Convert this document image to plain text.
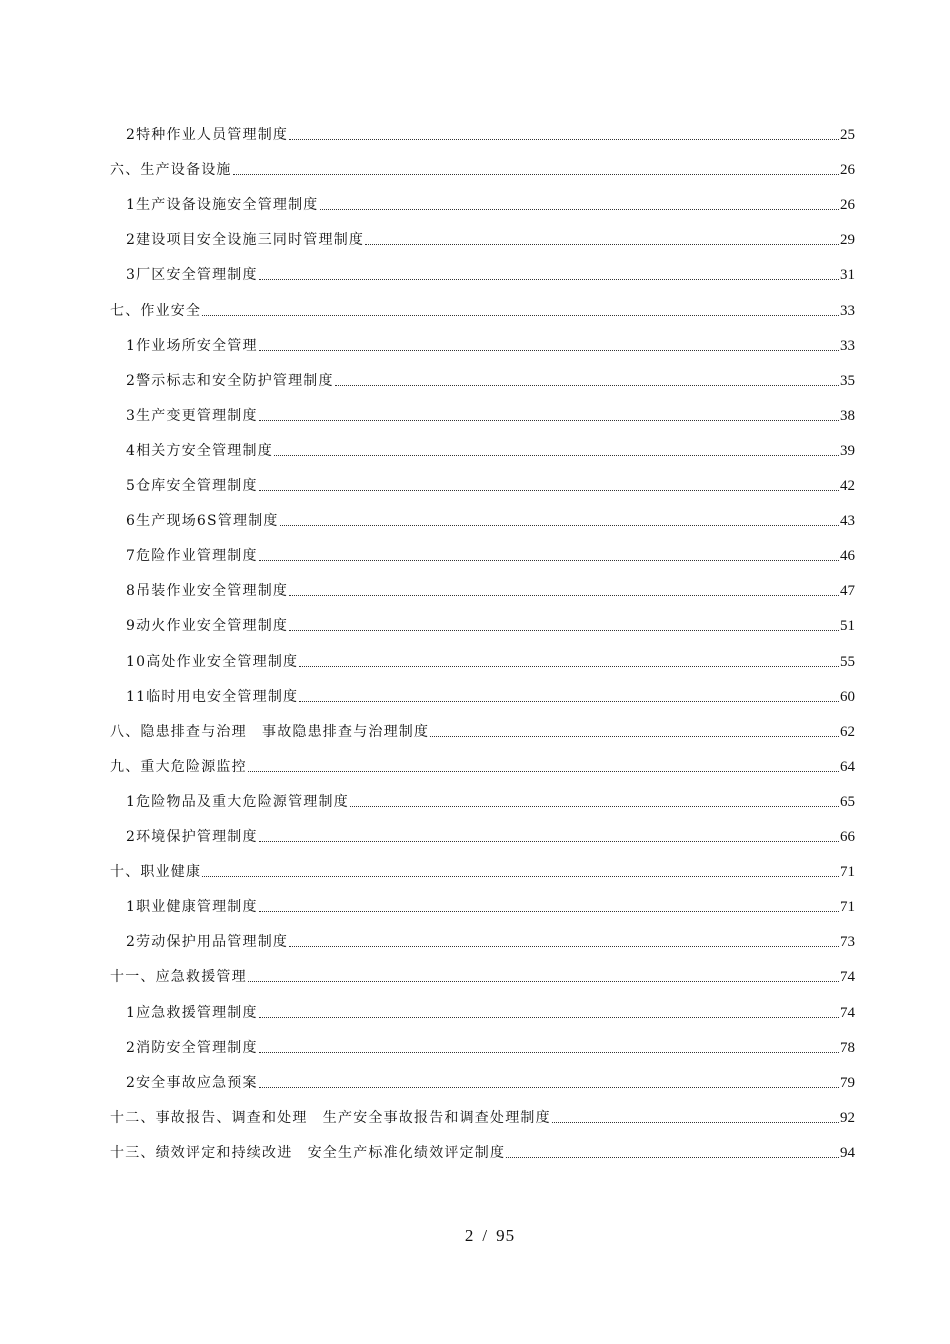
2特种作业人员管理制度	25
六、生产设备设施	26
1生产设备设施安全管理制度	26
2建设项目安全设施三同时管理制度	29
3厂区安全管理制度	31
七、作业安全	33
1作业场所安全管理	33
2警示标志和安全防护管理制度	35
3生产变更管理制度	38
4相关方安全管理制度	39
5仓库安全管理制度	42
6生产现场6S管理制度	43
7危险作业管理制度	46
8吊装作业安全管理制度	47
9动火作业安全管理制度	51
10高处作业安全管理制度	55
11临时用电安全管理制度	60
八、隐患排查与治理　事故隐患排查与治理制度	62
九、重大危险源监控	64
1危险物品及重大危险源管理制度	65
2环境保护管理制度	66
十、职业健康	71
1职业健康管理制度	71
2劳动保护用品管理制度	73
十一、应急救援管理	74
1应急救援管理制度	74
2消防安全管理制度	78
2安全事故应急预案	79
十二、事故报告、调查和处理　生产安全事故报告和调查处理制度	92
十三、绩效评定和持续改进　安全生产标准化绩效评定制度	94
2 / 95
